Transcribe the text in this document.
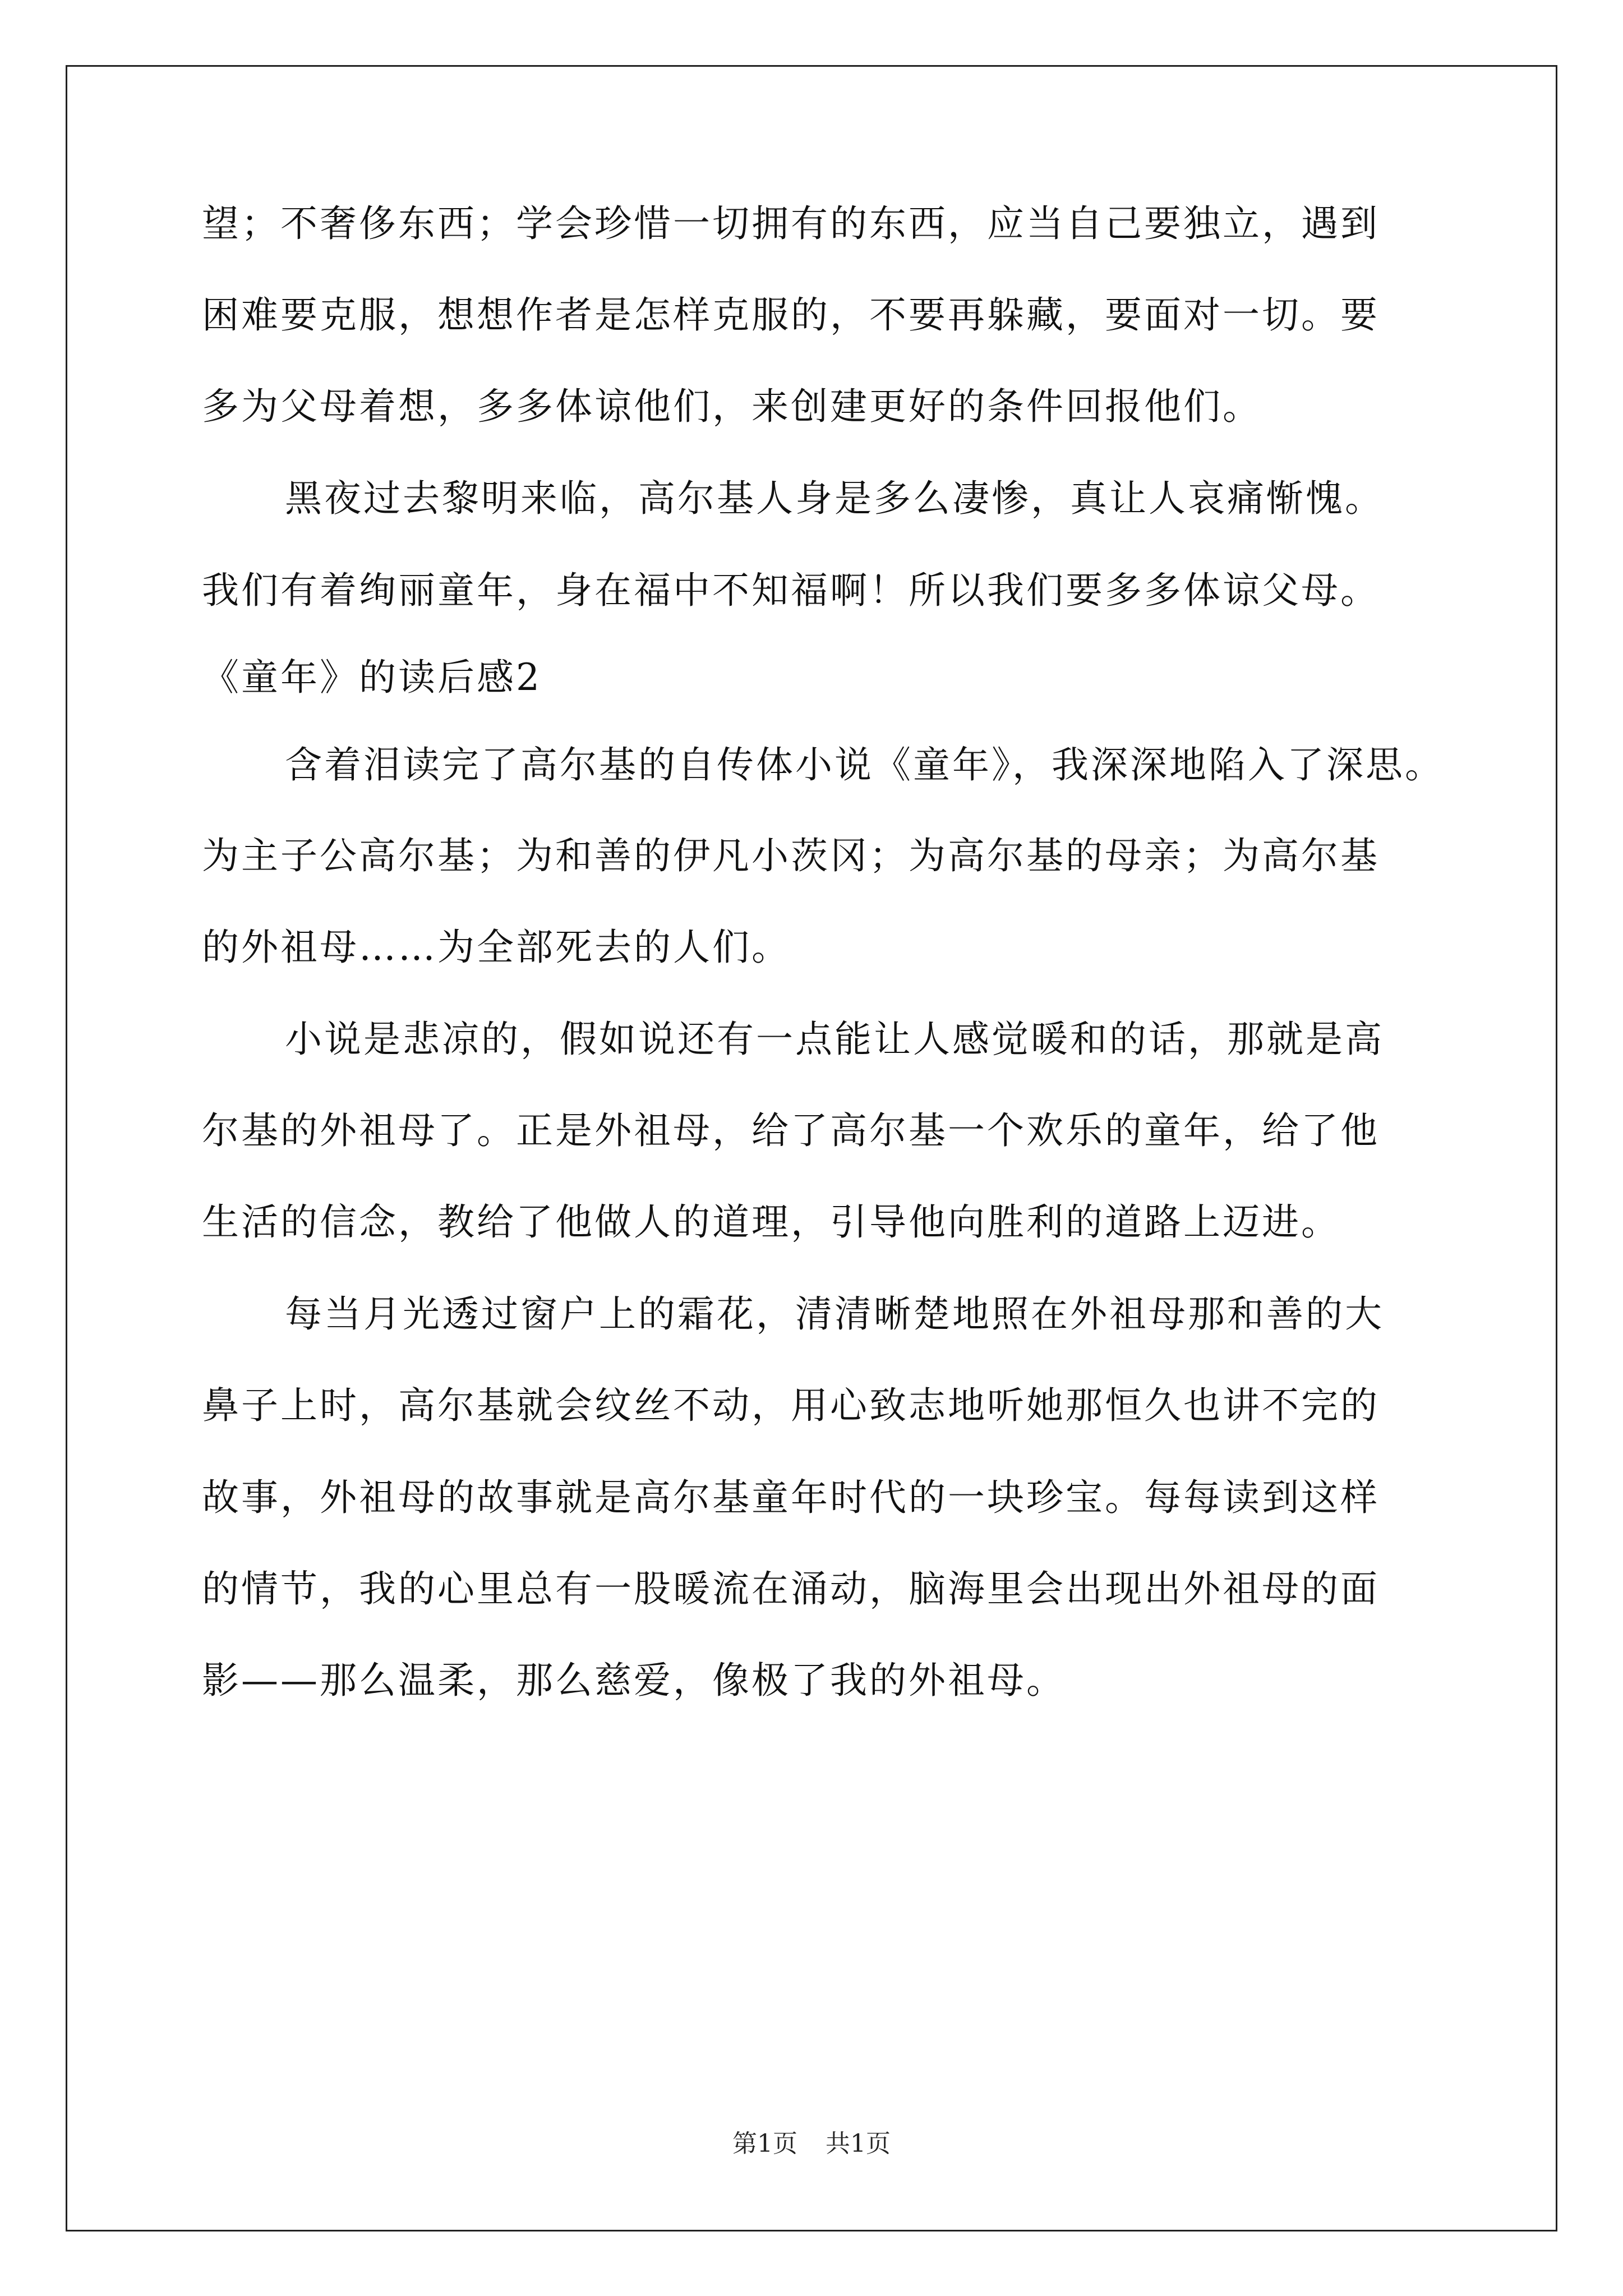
望；不奢侈东西；学会珍惜一切拥有的东西，应当自己要独立，遇到
困难要克服，想想作者是怎样克服的，不要再躲藏，要面对一切。要
多为父母着想，多多体谅他们，来创建更好的条件回报他们。
黑夜过去黎明来临，高尔基人身是多么凄惨，真让人哀痛惭愧。
我们有着绚丽童年，身在福中不知福啊！所以我们要多多体谅父母。
《童年》的读后感2
含着泪读完了高尔基的自传体小说《童年》，我深深地陷入了深思。
为主子公高尔基；为和善的伊凡小茨冈；为高尔基的母亲；为高尔基
的外祖母……为全部死去的人们。
小说是悲凉的，假如说还有一点能让人感觉暖和的话，那就是高
尔基的外祖母了。正是外祖母，给了高尔基一个欢乐的童年，给了他
生活的信念，教给了他做人的道理，引导他向胜利的道路上迈进。
每当月光透过窗户上的霜花，清清晰楚地照在外祖母那和善的大
鼻子上时，高尔基就会纹丝不动，用心致志地听她那恒久也讲不完的
故事，外祖母的故事就是高尔基童年时代的一块珍宝。每每读到这样
的情节，我的心里总有一股暖流在涌动，脑海里会出现出外祖母的面
影——那么温柔，那么慈爱，像极了我的外祖母。
第1页 共1页
